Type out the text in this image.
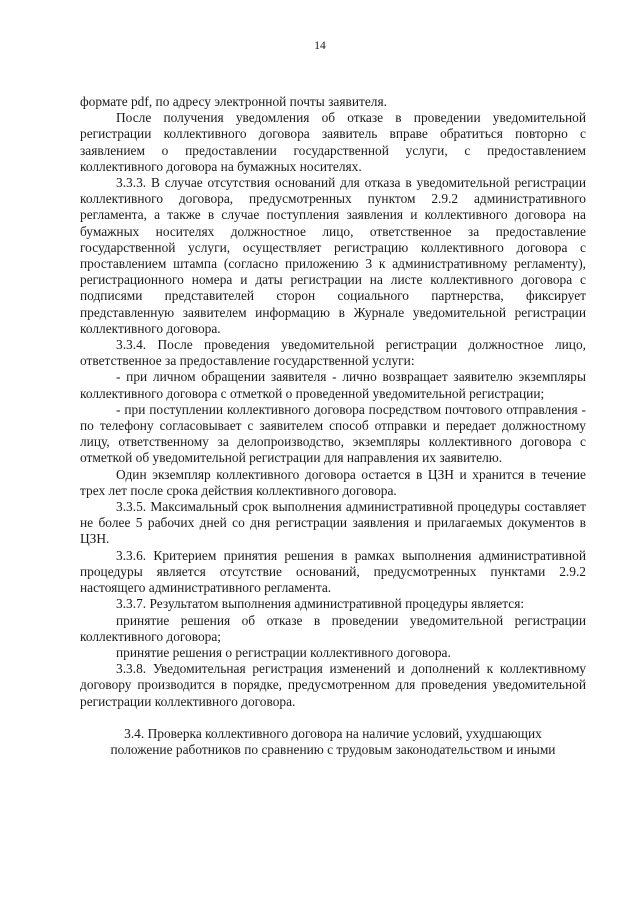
14

формате pdf, по адресу электронной почты заявителя.

После получения уведомления об отказе в проведении уведомительной регистрации коллективного договора заявитель вправе обратиться повторно с заявлением о предоставлении государственной услуги, с предоставлением коллективного договора на бумажных носителях.

3.3.3. В случае отсутствия оснований для отказа в уведомительной регистрации коллективного договора, предусмотренных пунктом 2.9.2 административного регламента, а также в случае поступления заявления и коллективного договора на бумажных носителях должностное лицо, ответственное за предоставление государственной услуги, осуществляет регистрацию коллективного договора с проставлением штампа (согласно приложению 3 к административному регламенту), регистрационного номера и даты регистрации на листе коллективного договора с подписями представителей сторон социального партнерства, фиксирует представленную заявителем информацию в Журнале уведомительной регистрации коллективного договора.

3.3.4. После проведения уведомительной регистрации должностное лицо, ответственное за предоставление государственной услуги:

- при личном обращении заявителя - лично возвращает заявителю экземпляры коллективного договора с отметкой о проведенной уведомительной регистрации;

- при поступлении коллективного договора посредством почтового отправления - по телефону согласовывает с заявителем способ отправки и передает должностному лицу, ответственному за делопроизводство, экземпляры коллективного договора с отметкой об уведомительной регистрации для направления их заявителю.

Один экземпляр коллективного договора остается в ЦЗН и хранится в течение трех лет после срока действия коллективного договора.

3.3.5. Максимальный срок выполнения административной процедуры составляет не более 5 рабочих дней со дня регистрации заявления и прилагаемых документов в ЦЗН.

3.3.6. Критерием принятия решения в рамках выполнения административной процедуры является отсутствие оснований, предусмотренных пунктами 2.9.2 настоящего административного регламента.

3.3.7. Результатом выполнения административной процедуры является:

принятие решения об отказе в проведении уведомительной регистрации коллективного договора;

принятие решения о регистрации коллективного договора.

3.3.8. Уведомительная регистрация изменений и дополнений к коллективному договору производится в порядке, предусмотренном для проведения уведомительной регистрации коллективного договора.

3.4. Проверка коллективного договора на наличие условий, ухудшающих
положение работников по сравнению с трудовым законодательством и иными
